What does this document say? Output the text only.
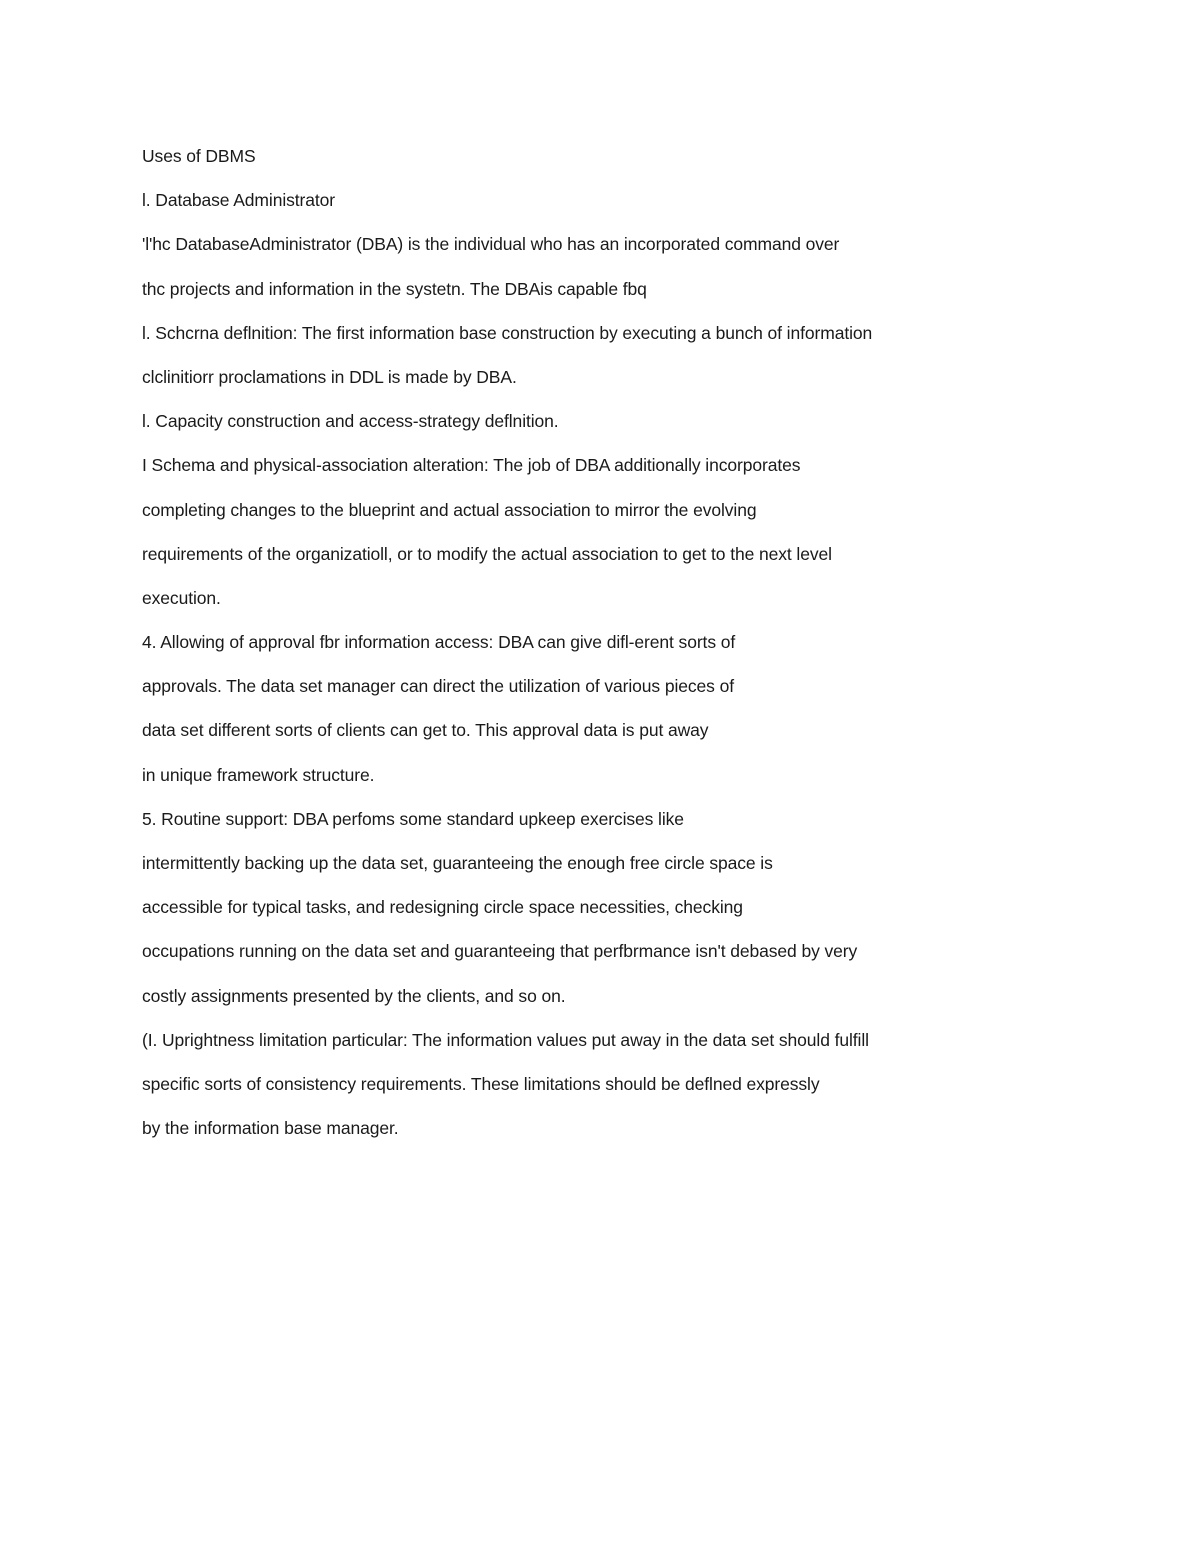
Uses of DBMS
l. Database Administrator
'l'hc DatabaseAdministrator (DBA) is the individual who has an incorporated command over
thc projects and information in the systetn. The DBAis capable fbq
l. Schcrna deflnition: The first information base construction by executing a bunch of information
clclinitiorr proclamations in DDL is made by DBA.
l. Capacity construction and access-strategy deflnition.
I Schema and physical-association alteration: The job of DBA additionally incorporates
completing changes to the blueprint and actual association to mirror the evolving
requirements of the organizatioll, or to modify the actual association to get to the next level
execution.
4. Allowing of approval fbr information access: DBA can give difl-erent sorts of
approvals. The data set manager can direct the utilization of various pieces of
data set different sorts of clients can get to. This approval data is put away
in unique framework structure.
5. Routine support: DBA perfoms some standard upkeep exercises like
intermittently backing up the data set, guaranteeing the enough free circle space is
accessible for typical tasks, and redesigning circle space necessities, checking
occupations running on the data set and guaranteeing that perfbrmance isn't debased by very
costly assignments presented by the clients, and so on.
(I. Uprightness limitation particular: The information values put away in the data set should fulfill
specific sorts of consistency requirements. These limitations should be deflned expressly
by the information base manager.
